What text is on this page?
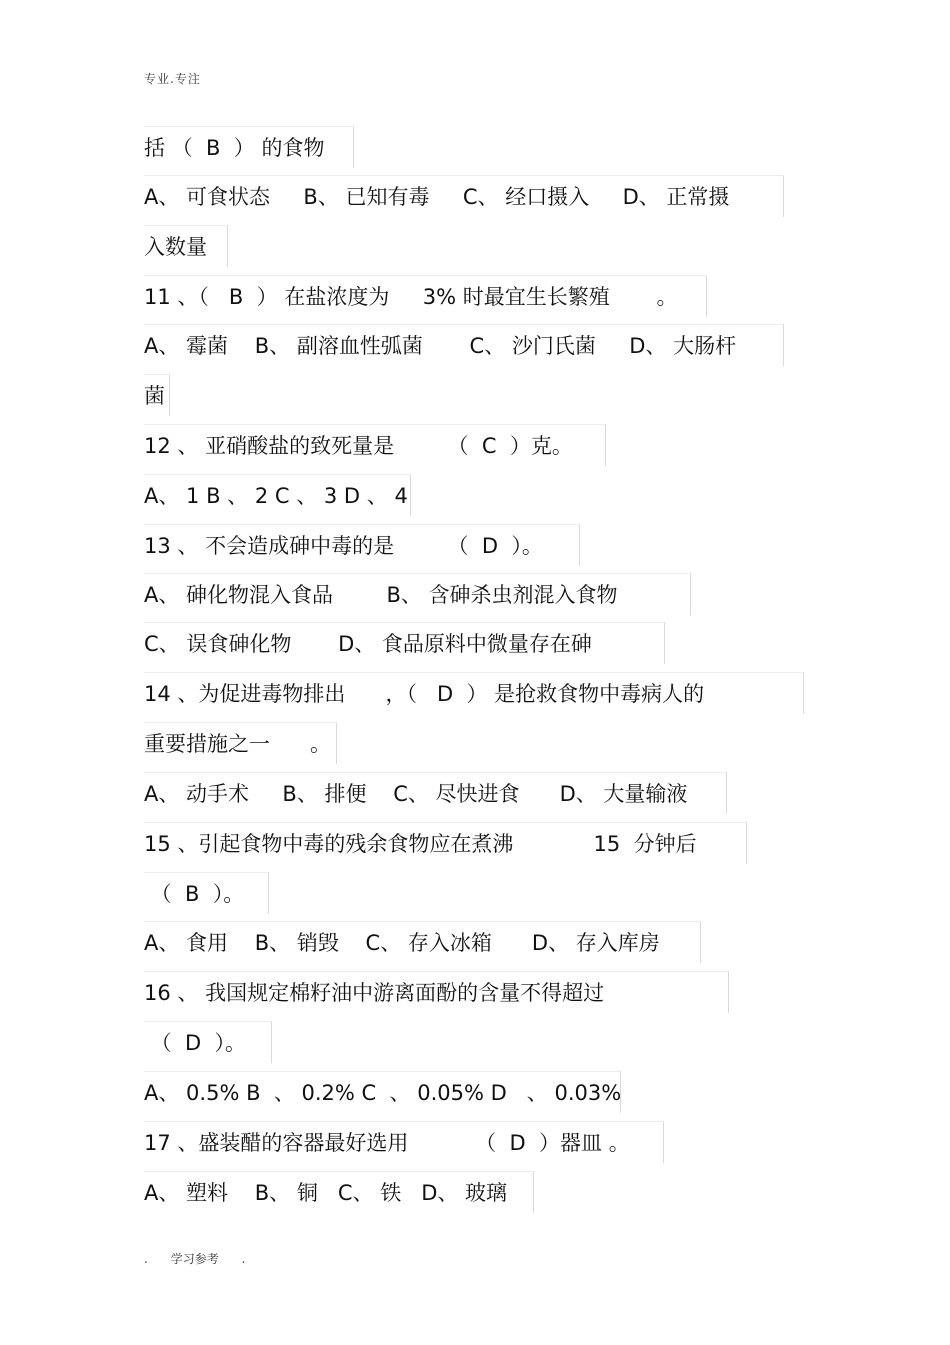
专业.专注
括 （  B  ） 的食物
A、 可食状态     B、 已知有毒     C、 经口摄入     D、 正常摄
入数量
11 、（   B  ） 在盐浓度为     3% 时最宜生长繁殖       。
A、 霉菌    B、 副溶血性弧菌       C、 沙门氏菌     D、 大肠杆
菌
12 、 亚硝酸盐的致死量是        （  C  ）克。
A、 1 B 、 2 C 、 3 D 、 4
13 、 不会造成砷中毒的是        （  D  ）。
A、 砷化物混入食品        B、 含砷杀虫剂混入食物
C、 误食砷化物       D、 食品原料中微量存在砷
14 、为促进毒物排出      ，（   D  ） 是抢救食物中毒病人的
重要措施之一      。
A、 动手术     B、 排便    C、 尽快进食      D、 大量输液
15 、引起食物中毒的残余食物应在煮沸            15  分钟后
（  B  ）。
A、 食用    B、 销毁    C、 存入冰箱      D、 存入库房
16 、 我国规定棉籽油中游离面酚的含量不得超过
（  D  ）。
A、 0.5% B  、 0.2% C  、 0.05% D   、 0.03%
17 、盛装醋的容器最好选用          （  D  ）器皿 。
A、 塑料    B、 铜   C、 铁   D、 玻璃
.      学习参考      .
